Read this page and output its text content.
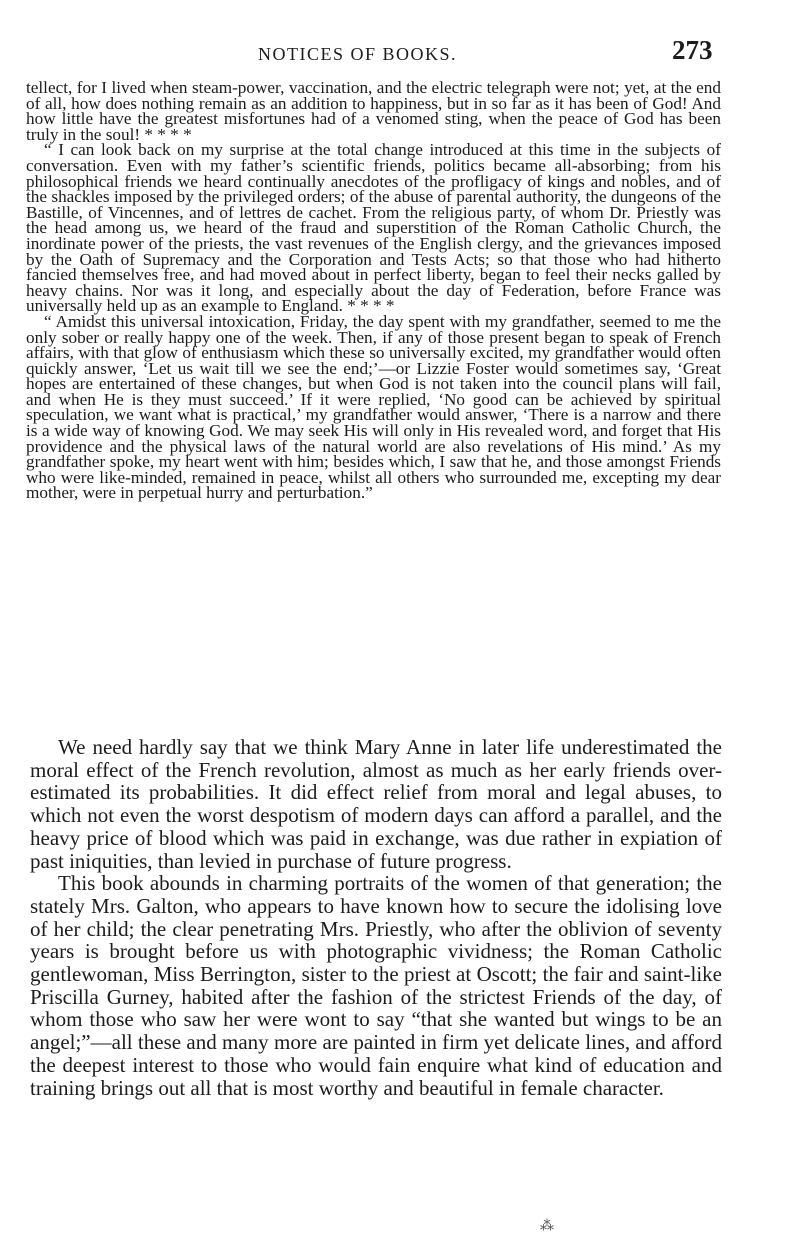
NOTICES OF BOOKS.	273

tellect, for I lived when steam-power, vaccination, and the electric telegraph were not; yet, at the end of all, how does nothing remain as an addition to happiness, but in so far as it has been of God! And how little have the greatest misfortunes had of a venomed sting, when the peace of God has been truly in the soul! * * * *

“ I can look back on my surprise at the total change introduced at this time in the subjects of conversation. Even with my father’s scientific friends, politics became all-absorbing; from his philosophical friends we heard continually anecdotes of the profligacy of kings and nobles, and of the shackles imposed by the privileged orders; of the abuse of parental authority, the dungeons of the Bastille, of Vincennes, and of lettres de cachet. From the religious party, of whom Dr. Priestly was the head among us, we heard of the fraud and superstition of the Roman Catholic Church, the inordinate power of the priests, the vast revenues of the English clergy, and the grievances imposed by the Oath of Supremacy and the Corporation and Tests Acts; so that those who had hitherto fancied themselves free, and had moved about in perfect liberty, began to feel their necks galled by heavy chains. Nor was it long, and especially about the day of Federation, before France was universally held up as an example to England. * * * *

“ Amidst this universal intoxication, Friday, the day spent with my grandfather, seemed to me the only sober or really happy one of the week. Then, if any of those present began to speak of French affairs, with that glow of enthusiasm which these so universally excited, my grandfather would often quickly answer, ‘Let us wait till we see the end;’—or Lizzie Foster would sometimes say, ‘Great hopes are entertained of these changes, but when God is not taken into the council plans will fail, and when He is they must succeed.’ If it were replied, ‘No good can be achieved by spiritual speculation, we want what is practical,’ my grandfather would answer, ‘There is a narrow and there is a wide way of knowing God. We may seek His will only in His revealed word, and forget that His providence and the physical laws of the natural world are also revelations of His mind.’ As my grandfather spoke, my heart went with him; besides which, I saw that he, and those amongst Friends who were like-minded, remained in peace, whilst all others who surrounded me, excepting my dear mother, were in perpetual hurry and perturbation.”

We need hardly say that we think Mary Anne in later life underestimated the moral effect of the French revolution, almost as much as her early friends over-estimated its probabilities. It did effect relief from moral and legal abuses, to which not even the worst despotism of modern days can afford a parallel, and the heavy price of blood which was paid in exchange, was due rather in expiation of past iniquities, than levied in purchase of future progress.

This book abounds in charming portraits of the women of that generation; the stately Mrs. Galton, who appears to have known how to secure the idolising love of her child; the clear penetrating Mrs. Priestly, who after the oblivion of seventy years is brought before us with photographic vividness; the Roman Catholic gentlewoman, Miss Berrington, sister to the priest at Oscott; the fair and saint-like Priscilla Gurney, habited after the fashion of the strictest Friends of the day, of whom those who saw her were wont to say “that she wanted but wings to be an angel;”—all these and many more are painted in firm yet delicate lines, and afford the deepest interest to those who would fain enquire what kind of education and training brings out all that is most worthy and beautiful in female character.

⁂
